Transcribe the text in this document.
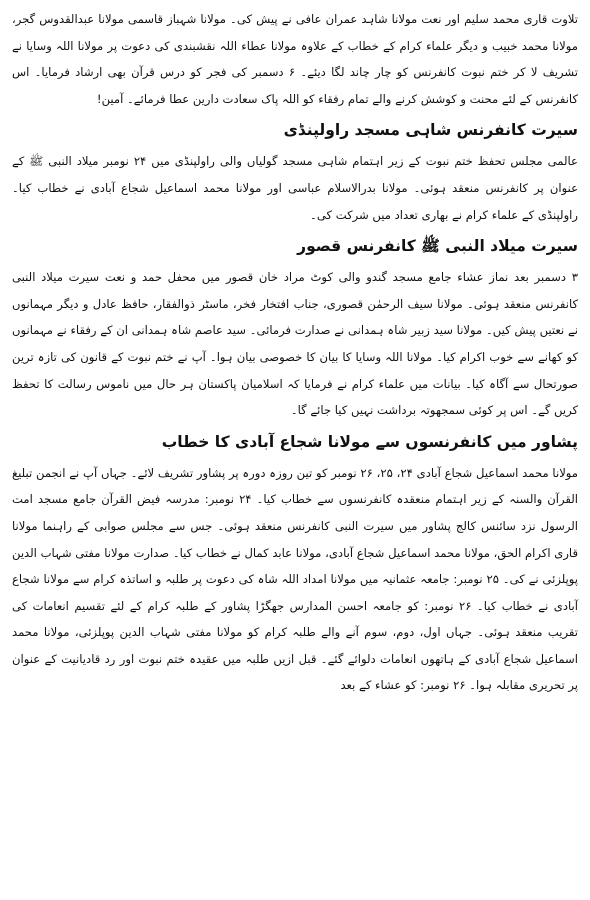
تلاوت قاری محمد سلیم اور نعت مولانا شاہد عمران عافی نے پیش کی۔ مولانا شہباز قاسمی مولانا عبدالقدوس گجر، مولانا محمد خبیب و دیگر علماء کرام کے خطاب کے علاوہ مولانا عطاء اللہ نقشبندی کی دعوت پر مولانا اللہ وسایا نے تشریف لا کر ختم نبوت کانفرنس کو چار چاند لگا دیئے۔ ۶ دسمبر کی فجر کو درس قرآن بھی ارشاد فرمایا۔ اس کانفرنس کے لئے محنت و کوشش کرنے والے تمام رفقاء کو اللہ پاک سعادت دارین عطا فرمائے۔ آمین!

سیرت کانفرنس شاہی مسجد راولپنڈی

عالمی مجلس تحفظ ختم نبوت کے زیر اہتمام شاہی مسجد گولیاں والی راولپنڈی میں ۲۴ نومبر میلاد النبی ﷺ کے عنوان پر کانفرنس منعقد ہوئی۔ مولانا بدرالاسلام عباسی اور مولانا محمد اسماعیل شجاع آبادی نے خطاب کیا۔ راولپنڈی کے علماء کرام نے بھاری تعداد میں شرکت کی۔

سیرت میلاد النبی ﷺ کانفرنس قصور

۳ دسمبر بعد نماز عشاء جامع مسجد گندو والی کوٹ مراد خان قصور میں محفل حمد و نعت سیرت میلاد النبی کانفرنس منعقد ہوئی۔ مولانا سیف الرحمٰن قصوری، جناب افتخار فخر، ماسٹر ذوالفقار، حافظ عادل و دیگر مہمانوں نے نعتیں پیش کیں۔ مولانا سید زبیر شاہ ہمدانی نے صدارت فرمائی۔ سید عاصم شاہ ہمدانی ان کے رفقاء نے مہمانوں کو کھانے سے خوب اکرام کیا۔ مولانا اللہ وسایا کا بیان کا خصوصی بیان ہوا۔ آپ نے ختم نبوت کے قانون کی تازہ ترین صورتحال سے آگاہ کیا۔ بیانات میں علماء کرام نے فرمایا کہ اسلامیان پاکستان ہر حال میں ناموس رسالت کا تحفظ کریں گے۔ اس پر کوئی سمجھوتہ برداشت نہیں کیا جائے گا۔

پشاور میں کانفرنسوں سے مولانا شجاع آبادی کا خطاب

مولانا محمد اسماعیل شجاع آبادی ۲۴، ۲۵، ۲۶ نومبر کو تین روزہ دورہ پر پشاور تشریف لائے۔ جہاں آپ نے انجمن تبلیغ القرآن والسنہ کے زیر اہتمام منعقدہ کانفرنسوں سے خطاب کیا۔ ۲۴ نومبر: مدرسہ فیض القرآن جامع مسجد امت الرسول نزد سائنس کالج پشاور میں سیرت النبی کانفرنس منعقد ہوئی۔ جس سے مجلس صوابی کے راہنما مولانا قاری اکرام الحق، مولانا محمد اسماعیل شجاع آبادی، مولانا عابد کمال نے خطاب کیا۔ صدارت مولانا مفتی شہاب الدین پوپلزئی نے کی۔ ۲۵ نومبر: جامعہ عثمانیہ میں مولانا امداد اللہ شاہ کی دعوت پر طلبہ و اساتذہ کرام سے مولانا شجاع آبادی نے خطاب کیا۔ ۲۶ نومبر: کو جامعہ احسن المدارس جھگڑا پشاور کے طلبہ کرام کے لئے تقسیم انعامات کی تقریب منعقد ہوئی۔ جہاں اول، دوم، سوم آنے والے طلبہ کرام کو مولانا مفتی شہاب الدین پوپلزئی، مولانا محمد اسماعیل شجاع آبادی کے ہاتھوں انعامات دلوائے گئے۔ قبل ازیں طلبہ میں عقیدہ ختم نبوت اور رد قادیانیت کے عنوان پر تحریری مقابلہ ہوا۔ ۲۶ نومبر: کو عشاء کے بعد
